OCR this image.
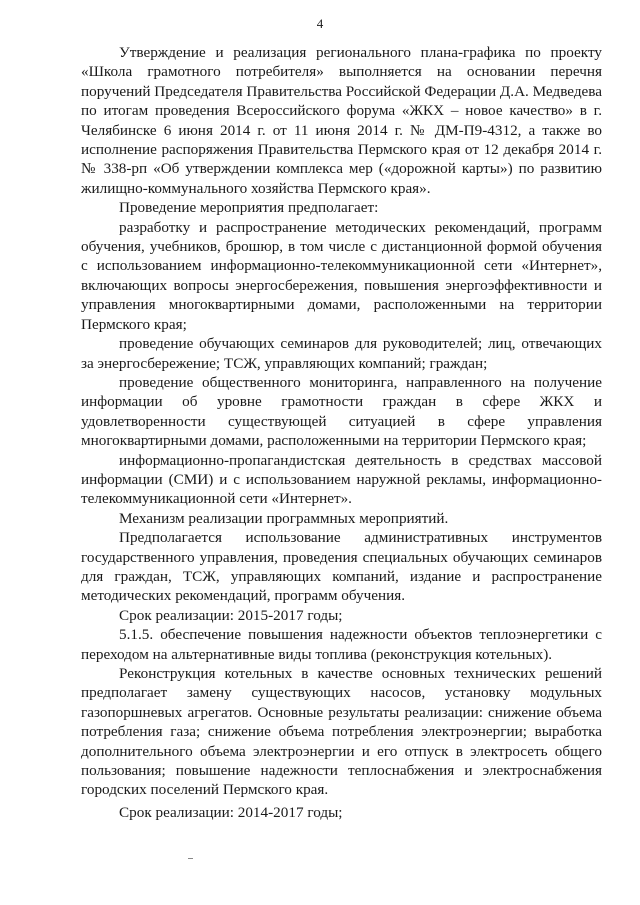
4

Утверждение и реализация регионального плана-графика по проекту «Школа грамотного потребителя» выполняется на основании перечня поручений Председателя Правительства Российской Федерации Д.А. Медведева по итогам проведения Всероссийского форума «ЖКХ – новое качество» в г. Челябинске 6 июня 2014 г. от 11 июня 2014 г. № ДМ-П9-4312, а также во исполнение распоряжения Правительства Пермского края от 12 декабря 2014 г. № 338-рп «Об утверждении комплекса мер («дорожной карты») по развитию жилищно-коммунального хозяйства Пермского края».

Проведение мероприятия предполагает:

разработку и распространение методических рекомендаций, программ обучения, учебников, брошюр, в том числе с дистанционной формой обучения с использованием информационно-телекоммуникационной сети «Интернет», включающих вопросы энергосбережения, повышения энергоэффективности и управления многоквартирными домами, расположенными на территории Пермского края;

проведение обучающих семинаров для руководителей; лиц, отвечающих за энергосбережение; ТСЖ, управляющих компаний; граждан;

проведение общественного мониторинга, направленного на получение информации об уровне грамотности граждан в сфере ЖКХ и удовлетворенности существующей ситуацией в сфере управления многоквартирными домами, расположенными на территории Пермского края;

информационно-пропагандистская деятельность в средствах массовой информации (СМИ) и с использованием наружной рекламы, информационно-телекоммуникационной сети «Интернет».

Механизм реализации программных мероприятий.

Предполагается использование административных инструментов государственного управления, проведения специальных обучающих семинаров для граждан, ТСЖ, управляющих компаний, издание и распространение методических рекомендаций, программ обучения.

Срок реализации: 2015-2017 годы;

5.1.5. обеспечение повышения надежности объектов теплоэнергетики с переходом на альтернативные виды топлива (реконструкция котельных).

Реконструкция котельных в качестве основных технических решений предполагает замену существующих насосов, установку модульных газопоршневых агрегатов. Основные результаты реализации: снижение объема потребления газа; снижение объема потребления электроэнергии; выработка дополнительного объема электроэнергии и его отпуск в электросеть общего пользования; повышение надежности теплоснабжения и электроснабжения городских поселений Пермского края.

Срок реализации: 2014-2017 годы;
